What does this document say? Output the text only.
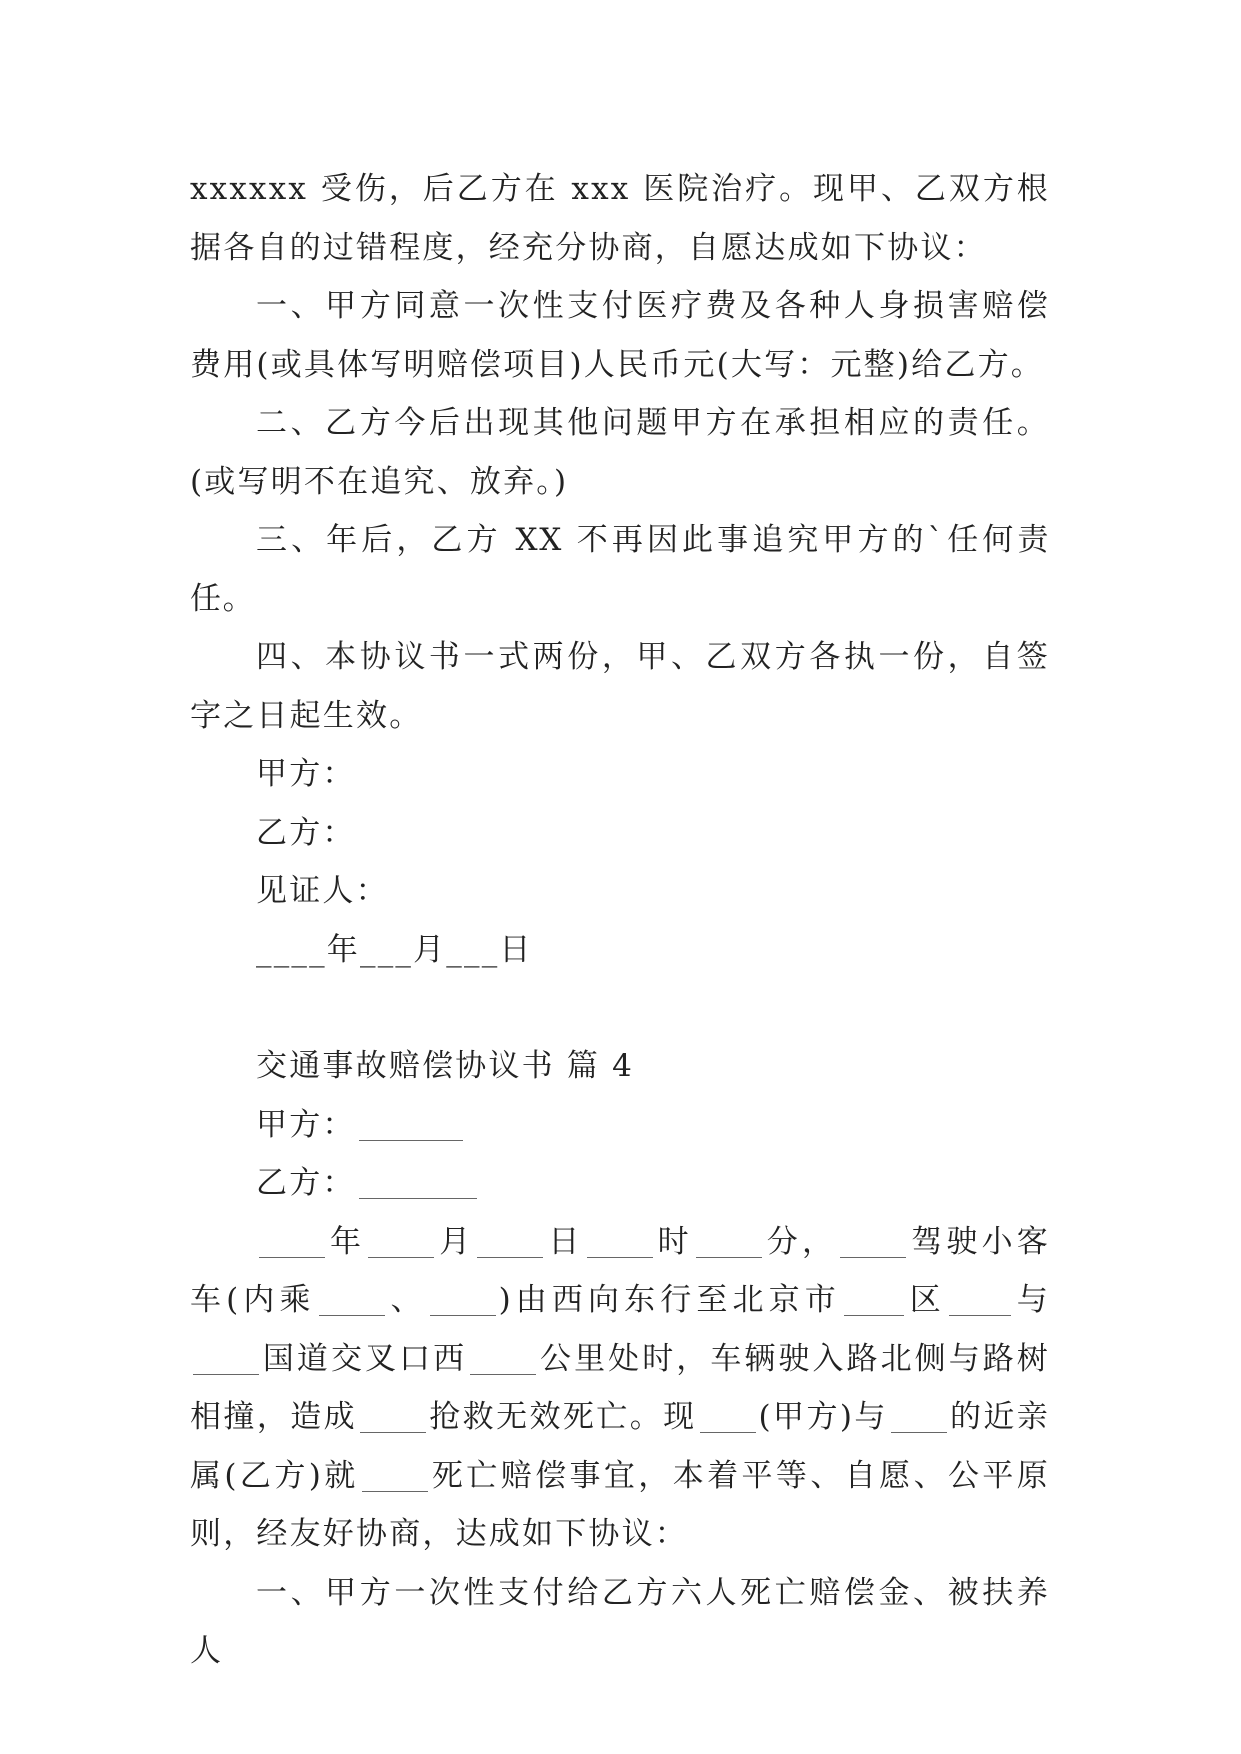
xxxxxx 受伤，后乙方在 xxx 医院治疗。现甲、乙双方根据各自的过错程度，经充分协商，自愿达成如下协议：

一、甲方同意一次性支付医疗费及各种人身损害赔偿费用(或具体写明赔偿项目)人民币元(大写：元整)给乙方。

二、乙方今后出现其他问题甲方在承担相应的责任。(或写明不在追究、放弃。)

三、年后，乙方 XX 不再因此事追究甲方的`任何责任。

四、本协议书一式两份，甲、乙双方各执一份，自签字之日起生效。

甲方：

乙方：

见证人：

____年___月___日

交通事故赔偿协议书 篇 4

甲方：

乙方：

年 月 日 时 分， 驾驶小客车(内乘 、 )由西向东行至北京市 区 与国道交叉口西 公里处时，车辆驶入路北侧与路树相撞，造成 抢救无效死亡。现 (甲方)与 的近亲属(乙方)就 死亡赔偿事宜，本着平等、自愿、公平原则，经友好协商，达成如下协议：

一、甲方一次性支付给乙方六人死亡赔偿金、被扶养人
